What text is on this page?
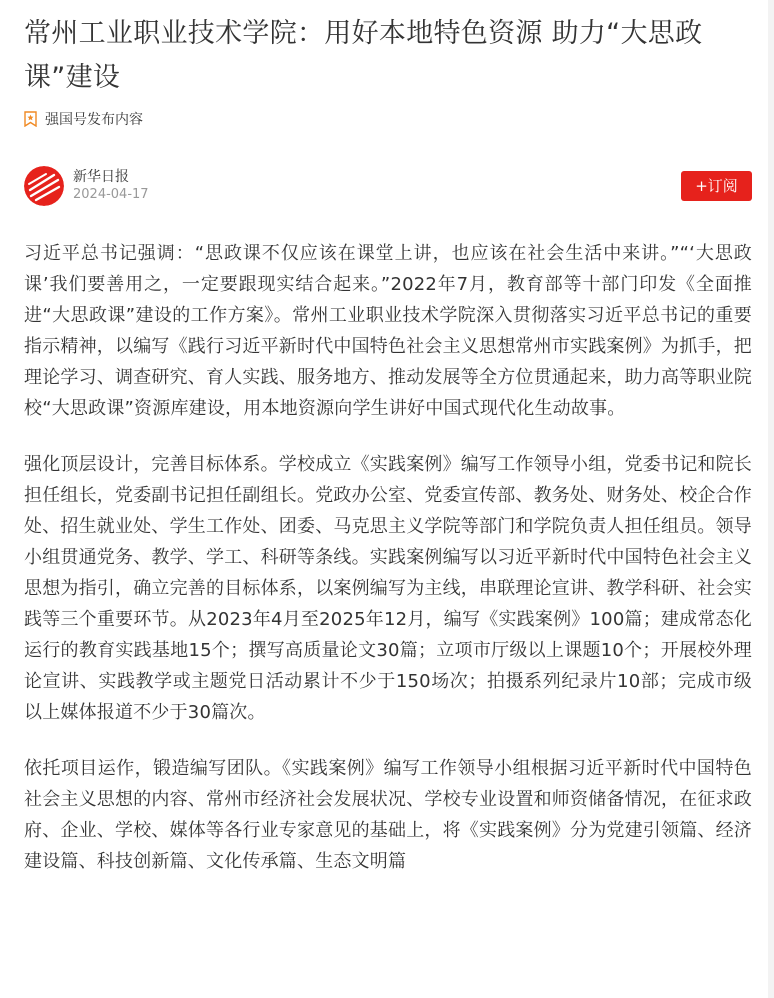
常州工业职业技术学院：用好本地特色资源 助力“大思政课”建设
强国号发布内容
新华日报
2024-04-17	+订阅

习近平总书记强调：“思政课不仅应该在课堂上讲，也应该在社会生活中来讲。”“‘大思政课’我们要善用之，一定要跟现实结合起来。”2022年7月，教育部等十部门印发《全面推进“大思政课”建设的工作方案》。常州工业职业技术学院深入贯彻落实习近平总书记的重要指示精神，以编写《践行习近平新时代中国特色社会主义思想常州市实践案例》为抓手，把理论学习、调查研究、育人实践、服务地方、推动发展等全方位贯通起来，助力高等职业院校“大思政课”资源库建设，用本地资源向学生讲好中国式现代化生动故事。

强化顶层设计，完善目标体系。学校成立《实践案例》编写工作领导小组，党委书记和院长担任组长，党委副书记担任副组长。党政办公室、党委宣传部、教务处、财务处、校企合作处、招生就业处、学生工作处、团委、马克思主义学院等部门和学院负责人担任组员。领导小组贯通党务、教学、学工、科研等条线。实践案例编写以习近平新时代中国特色社会主义思想为指引，确立完善的目标体系，以案例编写为主线，串联理论宣讲、教学科研、社会实践等三个重要环节。从2023年4月至2025年12月，编写《实践案例》100篇；建成常态化运行的教育实践基地15个；撰写高质量论文30篇；立项市厅级以上课题10个；开展校外理论宣讲、实践教学或主题党日活动累计不少于150场次；拍摄系列纪录片10部；完成市级以上媒体报道不少于30篇次。

依托项目运作，锻造编写团队。《实践案例》编写工作领导小组根据习近平新时代中国特色社会主义思想的内容、常州市经济社会发展状况、学校专业设置和师资储备情况，在征求政府、企业、学校、媒体等各行业专家意见的基础上，将《实践案例》分为党建引领篇、经济建设篇、科技创新篇、文化传承篇、生态文明篇
